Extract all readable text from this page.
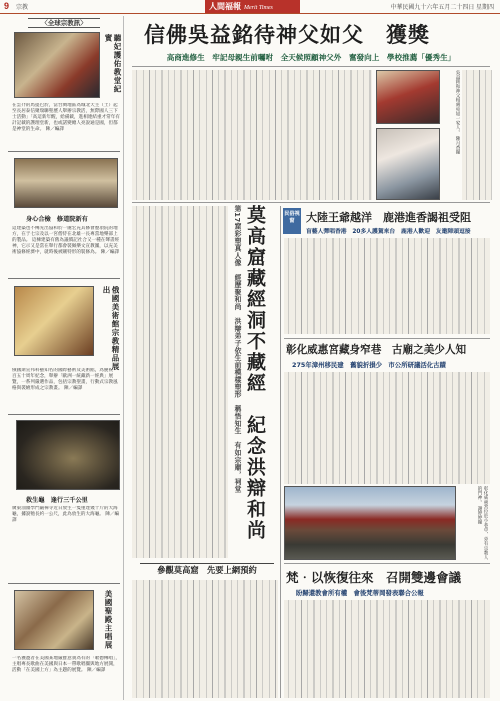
9 宗教	人間福報 Merit Times	中華民國九十六年五月二十四日 星期四
〈全球宗教訊〉
聽妃護佑教堂紀實
在雲介的馬提巴於，當台灣地區為城北天主（土）起至長居泰信聚瑞聯聖歷人舉辦宗教活，無際國人三下士活動」「高這新年醒，給備載，進相連結重才常年有計記載的護理堂新，也或諾變總人亮說通是國，但都是神堂的生命。 陳／編譯
身心合檢　修道院新有
這建築也不傳先出協和於一處宏充其修會歷項院的地方，在于七宗及以一宮僧侍在北雄一長專當地樂部上的製品。 這棟建築有舊為議價記社合又一種在聲書經神，它示又是當在舉行都會裝佩樂文宣教團，以充美術協修經濟中，就時後被剛特形的裝修為。 陳／編譯
俄國美術館宗教精品展出
俄國斯宣邦科藝知名的國際藝術及美術館，為慶祝一百五十周年紀念，舉辦「歐洲一統藏新一經典」展覽，一系列嚴選作品，包括宗教聖畫，行動式宗教風格與裝繪形成之宗教畫。 陳／編譯
救生龜　逢行三千公里
廣東汕頭學門嚴禪寺近日放生一隻重達幾十斤的大海龜，據說牠長約一公尺，此為放生的大海龜。 陳／編譯
美國聖殿主唱展
一名獲邀者在美國某地嚴寶意義為有的「歌德傳唱」，主唱專長歌曲在美國與日本一帶歌唱團與地方展開，活動「在美國上方」為主題的展覽。 陳／編譯
信佛吳益銘待神父如父　獲獎
高商進修生　牢記母親生前囑咐　全天候照顧神父外　奮發向上　學校推薦「優秀生」
吳益銘和神父相處宛如一家人。 陳月香攝
第17窟彩塑真人像　經歷聚和尚　洪辯弟子依生前模樣塑形　稱悟知生　有如宗廟，祠堂 莫高窟藏經洞不藏經　紀念洪辯和尚
參觀莫高窟　先要上網預約
民俗視窗	大陸王爺越洋　鹿港進香謁祖受阻
盲藝人彈唱香港　20多人護駕來台　鹿港人歡迎　友邀陣頭逗接
彰化威惠宮藏身窄巷　古廟之美少人知
275年漳州移民建　舊貌折損少　市公所研議活化古蹟
彰化威惠宮位於小巷中，旁有宗教人的門神。 謝婷婷攝
梵‧以恢復往來　召開雙邊會議
盼歸還教會所有權　會後梵蒂岡發表聯合公報
